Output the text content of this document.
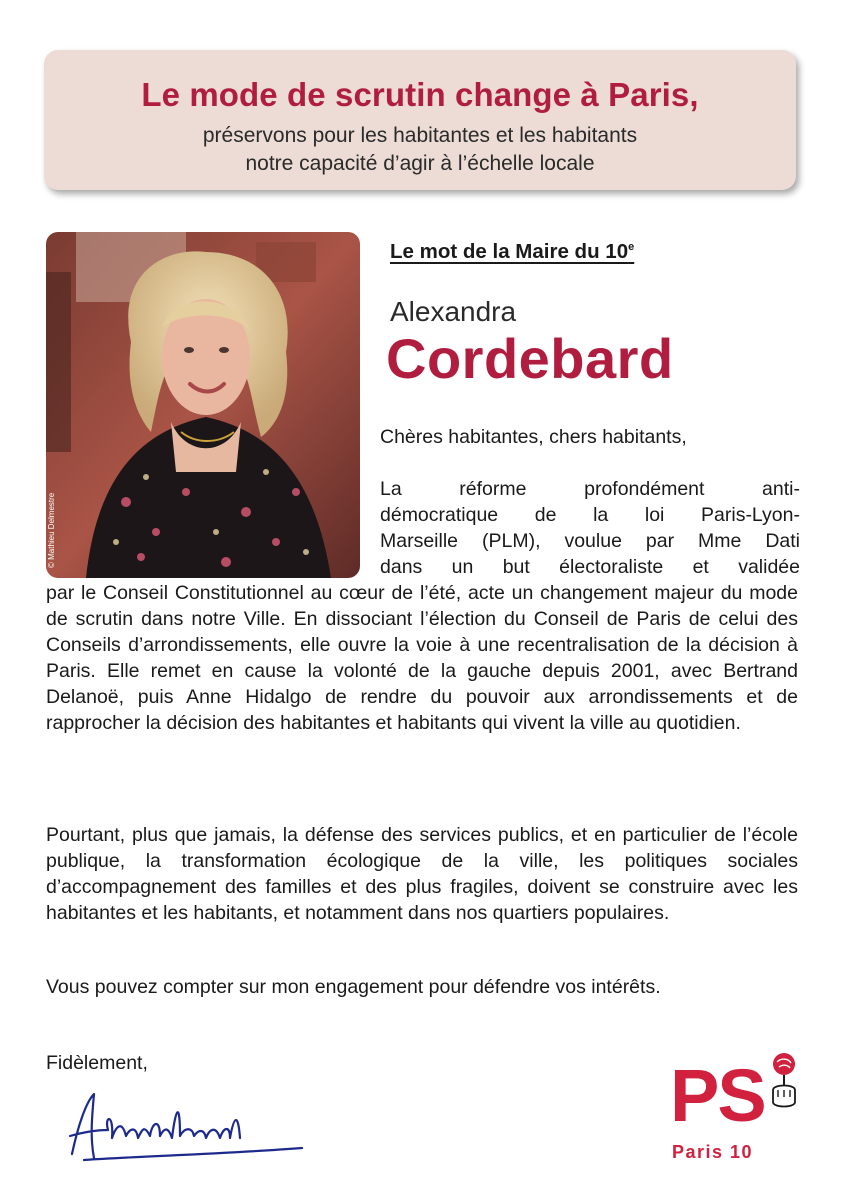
Le mode de scrutin change à Paris,
préservons pour les habitantes et les habitants
notre capacité d’agir à l’échelle locale
© Mathieu Delmestre
Le mot de la Maire du 10e
Alexandra
Cordebard
Chères habitantes, chers habitants,
La réforme profondément anti-
démocratique de la loi Paris-Lyon-
Marseille (PLM), voulue par Mme Dati
dans un but électoraliste et validée
par le Conseil Constitutionnel au cœur de l’été, acte un changement majeur du mode de scrutin dans notre Ville. En dissociant l’élection du Conseil de Paris de celui des Conseils d’arrondissements, elle ouvre la voie à une recentralisation de la décision à Paris. Elle remet en cause la volonté de la gauche depuis 2001, avec Bertrand Delanoë, puis Anne Hidalgo de rendre du pouvoir aux arrondissements et de rapprocher la décision des habitantes et habitants qui vivent la ville au quotidien.
Pourtant, plus que jamais, la défense des services publics, et en particulier de l’école publique, la transformation écologique de la ville, les politiques sociales d’accompagnement des familles et des plus fragiles, doivent se construire avec les habitantes et les habitants, et notamment dans nos quartiers populaires.
Vous pouvez compter sur mon engagement pour défendre vos intérêts.
Fidèlement,	PS
Paris 10
